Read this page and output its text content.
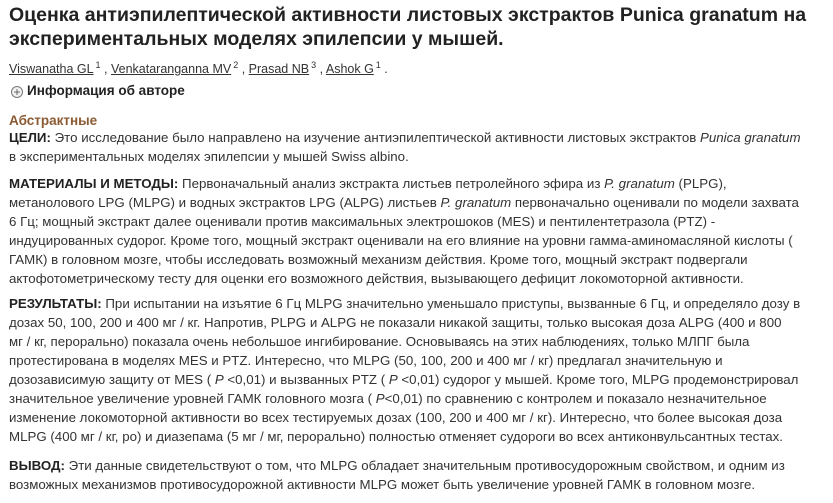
Оценка антиэпилептической активности листовых экстрактов Punica granatum на
экспериментальных моделях эпилепсии у мышей.
Viswanatha GL $^1$ , Venkataranganna MV $^2$ , Prasad NB $^3$ , Ashok G $^1$ .
+ Информация об авторе
Абстрактные

ЦЕЛИ: Это исследование было направлено на изучение антиэпилептической активности листовых экстрактов Punica granatum

в экспериментальных моделях эпилепсии у мышей Swiss albino.

МАТЕРИАЛЫ И МЕТОДЫ: Первоначальный анализ экстракта листьев петролейного эфира из P. granatum (PLPG),

метанолового LPG (MLPG) и водных экстрактов LPG (ALPG) листьев P. granatum первоначально оценивали по модели захвата

6 Гц; мощный экстракт далее оценивали против максимальных электрошоков (MES) и пентилентетразола (PTZ) -

индуцированных судорог. Кроме того, мощный экстракт оценивали на его влияние на уровни гамма-аминомасляной кислоты (

ГАМК) в головном мозге, чтобы исследовать возможный механизм действия. Кроме того, мощный экстракт подвергали

актофотометрическому тесту для оценки его возможного действия, вызывающего дефицит локомоторной активности.

РЕЗУЛЬТАТЫ: При испытании на изъятие 6 Гц MLPG значительно уменьшало приступы, вызванные 6 Гц, и определяло дозу в

дозах 50, 100, 200 и 400 мг / кг. Напротив, PLPG и ALPG не показали никакой защиты, только высокая доза ALPG (400 и 800

мг / кг, перорально) показала очень небольшое ингибирование. Основываясь на этих наблюдениях, только МЛПГ была

протестирована в моделях MES и PTZ. Интересно, что MLPG (50, 100, 200 и 400 мг / кг) предлагал значительную и

дозозависимую защиту от MES ( P <0,01) и вызванных PTZ ( P <0,01) судорог у мышей. Кроме того, MLPG продемонстрировал

значительное увеличение уровней ГАМК головного мозга ( P<0,01) по сравнению с контролем и показало незначительное

изменение локомоторной активности во всех тестируемых дозах (100, 200 и 400 мг / кг). Интересно, что более высокая доза

MLPG (400 мг / кг, ро) и диазепама (5 мг / мг, перорально) полностью отменяет судороги во всех антиконвульсантных тестах.

ВЫВОД: Эти данные свидетельствуют о том, что MLPG обладает значительным противосудорожным свойством, и одним из

возможных механизмов противосудорожной активности MLPG может быть увеличение уровней ГАМК в головном мозге.
